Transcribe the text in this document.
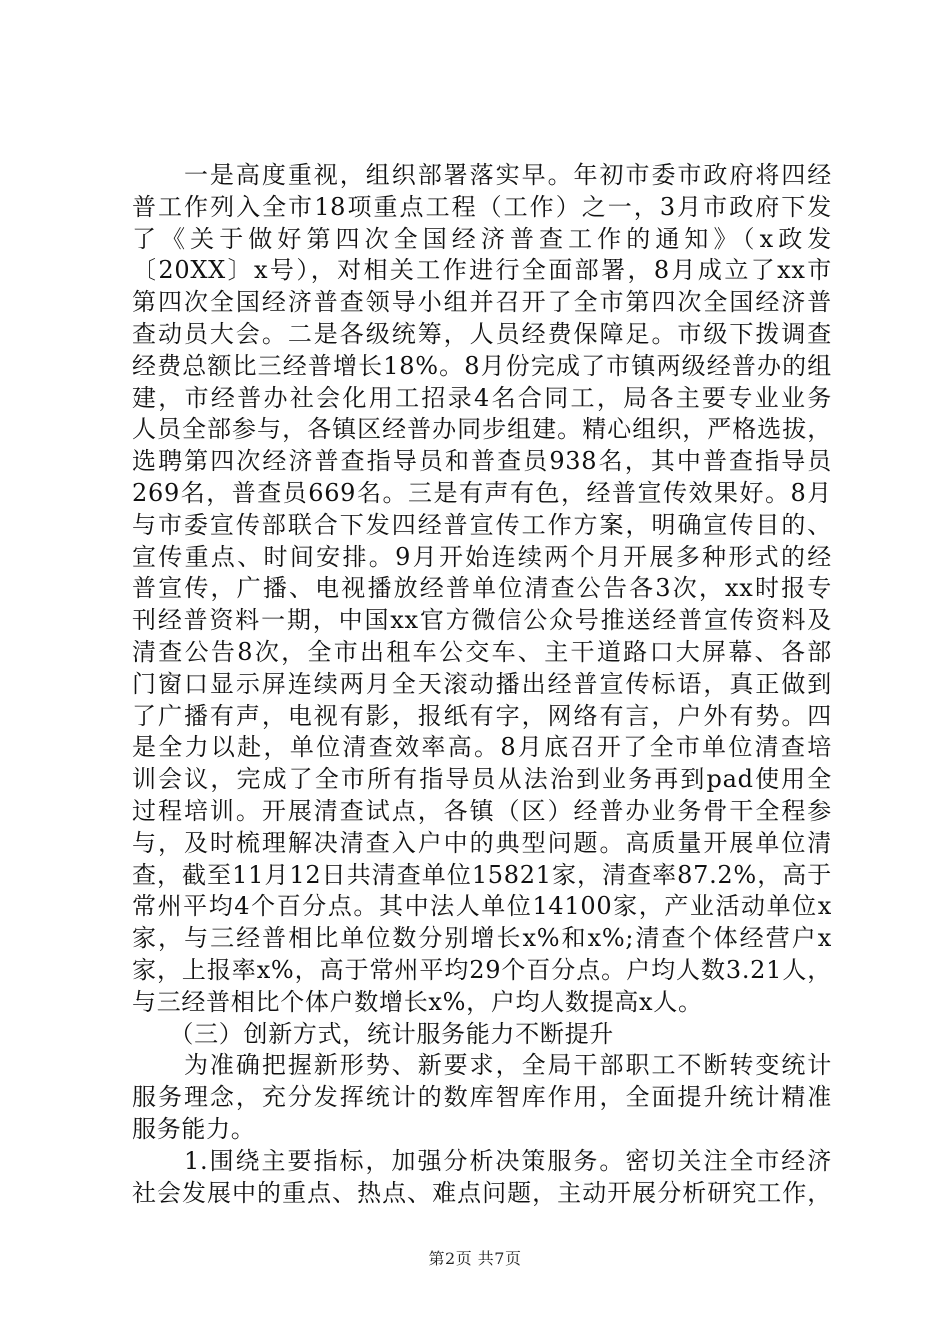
　　一是高度重视，组织部署落实早。年初市委市政府将四经
普工作列入全市18项重点工程（工作）之一，3月市政府下发
了《关于做好第四次全国经济普查工作的通知》（x政发
〔20XX〕x号），对相关工作进行全面部署，8月成立了xx市
第四次全国经济普查领导小组并召开了全市第四次全国经济普
查动员大会。二是各级统筹，人员经费保障足。市级下拨调查
经费总额比三经普增长18%。8月份完成了市镇两级经普办的组
建，市经普办社会化用工招录4名合同工，局各主要专业业务
人员全部参与，各镇区经普办同步组建。精心组织，严格选拔，
选聘第四次经济普查指导员和普查员938名，其中普查指导员
269名，普查员669名。三是有声有色，经普宣传效果好。8月
与市委宣传部联合下发四经普宣传工作方案，明确宣传目的、
宣传重点、时间安排。9月开始连续两个月开展多种形式的经
普宣传，广播、电视播放经普单位清查公告各3次，xx时报专
刊经普资料一期，中国xx官方微信公众号推送经普宣传资料及
清查公告8次，全市出租车公交车、主干道路口大屏幕、各部
门窗口显示屏连续两月全天滚动播出经普宣传标语，真正做到
了广播有声，电视有影，报纸有字，网络有言，户外有势。四
是全力以赴，单位清查效率高。8月底召开了全市单位清查培
训会议，完成了全市所有指导员从法治到业务再到pad使用全
过程培训。开展清查试点，各镇（区）经普办业务骨干全程参
与，及时梳理解决清查入户中的典型问题。高质量开展单位清
查，截至11月12日共清查单位15821家，清查率87.2%，高于
常州平均4个百分点。其中法人单位14100家，产业活动单位x
家，与三经普相比单位数分别增长x%和x%;清查个体经营户x
家，上报率x%，高于常州平均29个百分点。户均人数3.21人，
与三经普相比个体户数增长x%，户均人数提高x人。
　　（三）创新方式，统计服务能力不断提升
　　为准确把握新形势、新要求，全局干部职工不断转变统计
服务理念，充分发挥统计的数库智库作用，全面提升统计精准
服务能力。
　　1.围绕主要指标，加强分析决策服务。密切关注全市经济
社会发展中的重点、热点、难点问题，主动开展分析研究工作，
第2页 共7页
